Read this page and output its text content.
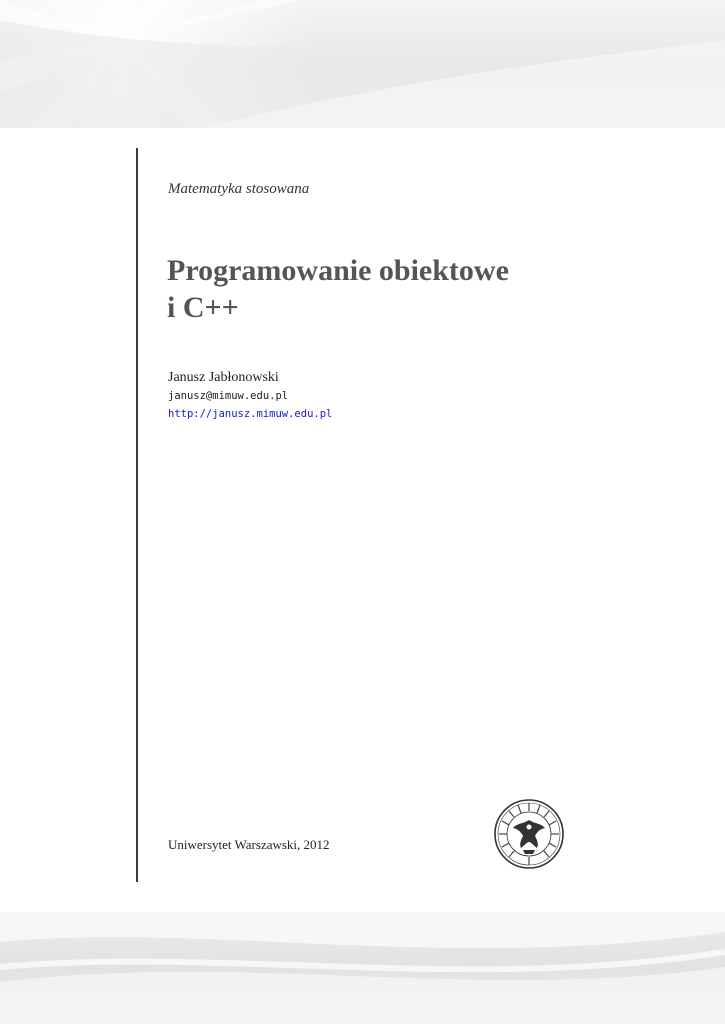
Matematyka stosowana
Programowanie obiektowe
i C++
Janusz Jabłonowski
janusz@mimuw.edu.pl
http://janusz.mimuw.edu.pl
Uniwersytet Warszawski, 2012
